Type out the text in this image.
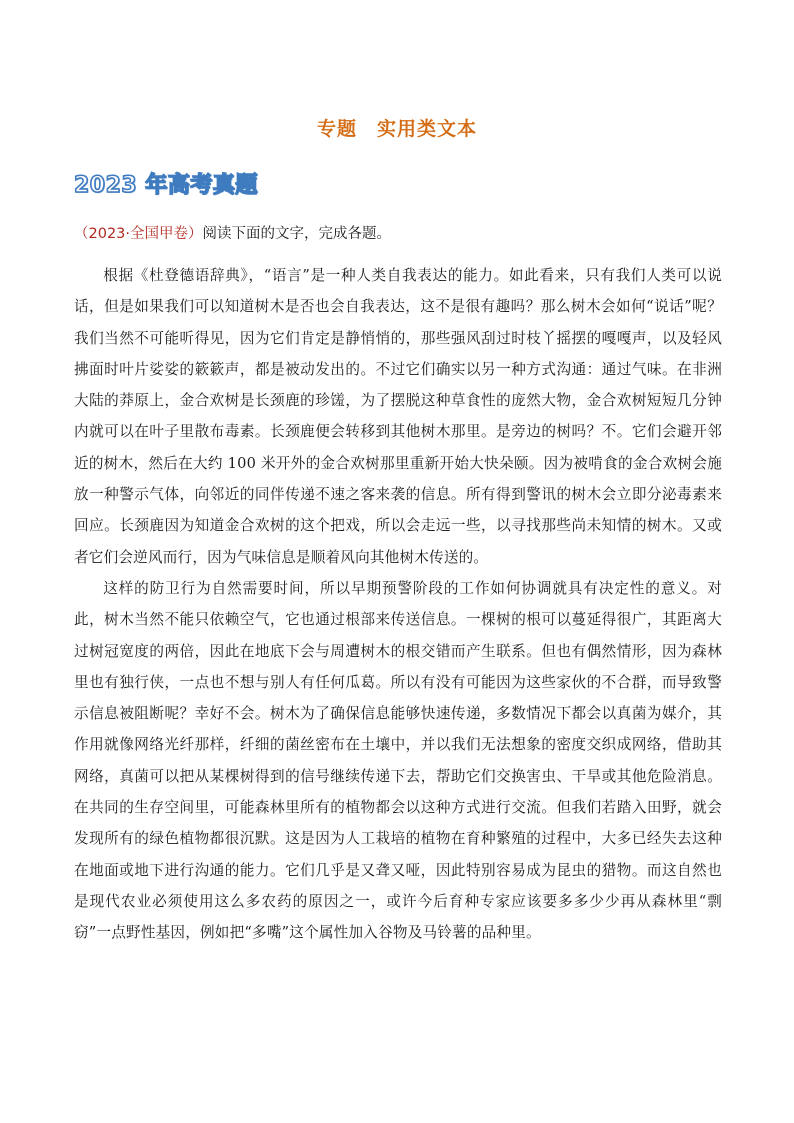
专题　实用类文本
2023 年高考真题
（2023·全国甲卷）阅读下面的文字，完成各题。

根据《杜登德语辞典》，“语言”是一种人类自我表达的能力。如此看来，只有我们人类可以说话，但是如果我们可以知道树木是否也会自我表达，这不是很有趣吗？那么树木会如何“说话”呢？我们当然不可能听得见，因为它们肯定是静悄悄的，那些强风刮过时枝丫摇摆的嘎嘎声，以及轻风拂面时叶片娑娑的簌簌声，都是被动发出的。不过它们确实以另一种方式沟通：通过气味。在非洲大陆的莽原上，金合欢树是长颈鹿的珍馐，为了摆脱这种草食性的庞然大物，金合欢树短短几分钟内就可以在叶子里散布毒素。长颈鹿便会转移到其他树木那里。是旁边的树吗？不。它们会避开邻近的树木，然后在大约 100 米开外的金合欢树那里重新开始大快朵颐。因为被啃食的金合欢树会施放一种警示气体，向邻近的同伴传递不速之客来袭的信息。所有得到警讯的树木会立即分泌毒素来回应。长颈鹿因为知道金合欢树的这个把戏，所以会走远一些，以寻找那些尚未知情的树木。又或者它们会逆风而行，因为气味信息是顺着风向其他树木传送的。

这样的防卫行为自然需要时间，所以早期预警阶段的工作如何协调就具有决定性的意义。对此，树木当然不能只依赖空气，它也通过根部来传送信息。一棵树的根可以蔓延得很广，其距离大过树冠宽度的两倍，因此在地底下会与周遭树木的根交错而产生联系。但也有偶然情形，因为森林里也有独行侠，一点也不想与别人有任何瓜葛。所以有没有可能因为这些家伙的不合群，而导致警示信息被阻断呢？幸好不会。树木为了确保信息能够快速传递，多数情况下都会以真菌为媒介，其作用就像网络光纤那样，纤细的菌丝密布在土壤中，并以我们无法想象的密度交织成网络，借助其网络，真菌可以把从某棵树得到的信号继续传递下去，帮助它们交换害虫、干旱或其他危险消息。在共同的生存空间里，可能森林里所有的植物都会以这种方式进行交流。但我们若踏入田野，就会发现所有的绿色植物都很沉默。这是因为人工栽培的植物在育种繁殖的过程中，大多已经失去这种在地面或地下进行沟通的能力。它们几乎是又聋又哑，因此特别容易成为昆虫的猎物。而这自然也是现代农业必须使用这么多农药的原因之一，或许今后育种专家应该要多多少少再从森林里“剽窃”一点野性基因，例如把“多嘴”这个属性加入谷物及马铃薯的品种里。
